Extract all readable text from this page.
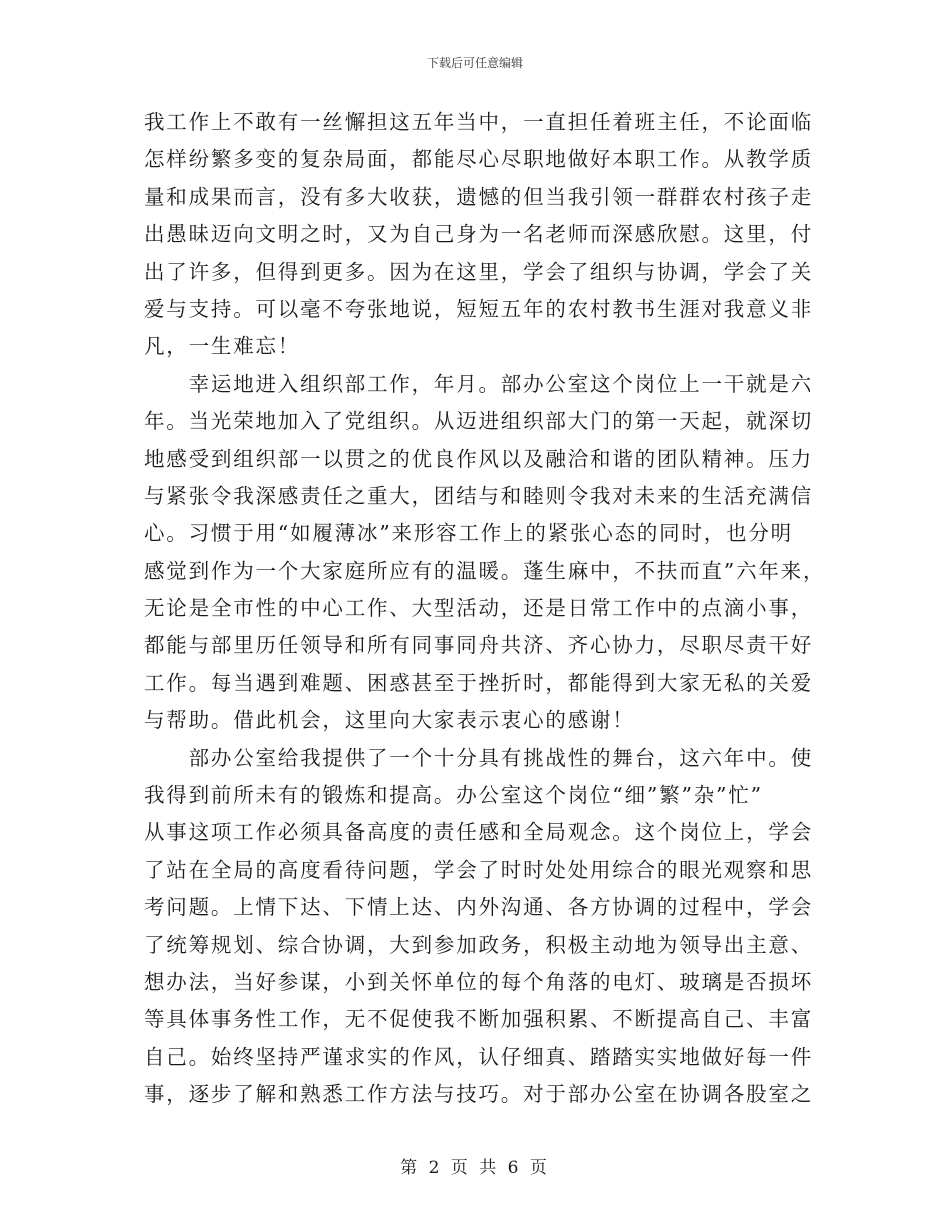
下载后可任意编辑
我工作上不敢有一丝懈担这五年当中，一直担任着班主任，不论面临
怎样纷繁多变的复杂局面，都能尽心尽职地做好本职工作。从教学质
量和成果而言，没有多大收获，遗憾的但当我引领一群群农村孩子走
出愚昧迈向文明之时，又为自己身为一名老师而深感欣慰。这里，付
出了许多，但得到更多。因为在这里，学会了组织与协调，学会了关
爱与支持。可以毫不夸张地说，短短五年的农村教书生涯对我意义非
凡，一生难忘！
　　幸运地进入组织部工作，年月。部办公室这个岗位上一干就是六
年。当光荣地加入了党组织。从迈进组织部大门的第一天起，就深切
地感受到组织部一以贯之的优良作风以及融洽和谐的团队精神。压力
与紧张令我深感责任之重大，团结与和睦则令我对未来的生活充满信
心。习惯于用“如履薄冰”来形容工作上的紧张心态的同时，也分明
感觉到作为一个大家庭所应有的温暖。蓬生麻中，不扶而直”六年来，
无论是全市性的中心工作、大型活动，还是日常工作中的点滴小事，
都能与部里历任领导和所有同事同舟共济、齐心协力，尽职尽责干好
工作。每当遇到难题、困惑甚至于挫折时，都能得到大家无私的关爱
与帮助。借此机会，这里向大家表示衷心的感谢！
　　部办公室给我提供了一个十分具有挑战性的舞台，这六年中。使
我得到前所未有的锻炼和提高。办公室这个岗位“细”繁”杂”忙”
从事这项工作必须具备高度的责任感和全局观念。这个岗位上，学会
了站在全局的高度看待问题，学会了时时处处用综合的眼光观察和思
考问题。上情下达、下情上达、内外沟通、各方协调的过程中，学会
了统筹规划、综合协调，大到参加政务，积极主动地为领导出主意、
想办法，当好参谋，小到关怀单位的每个角落的电灯、玻璃是否损坏
等具体事务性工作，无不促使我不断加强积累、不断提高自己、丰富
自己。始终坚持严谨求实的作风，认仔细真、踏踏实实地做好每一件
事，逐步了解和熟悉工作方法与技巧。对于部办公室在协调各股室之
第 2 页 共 6 页
